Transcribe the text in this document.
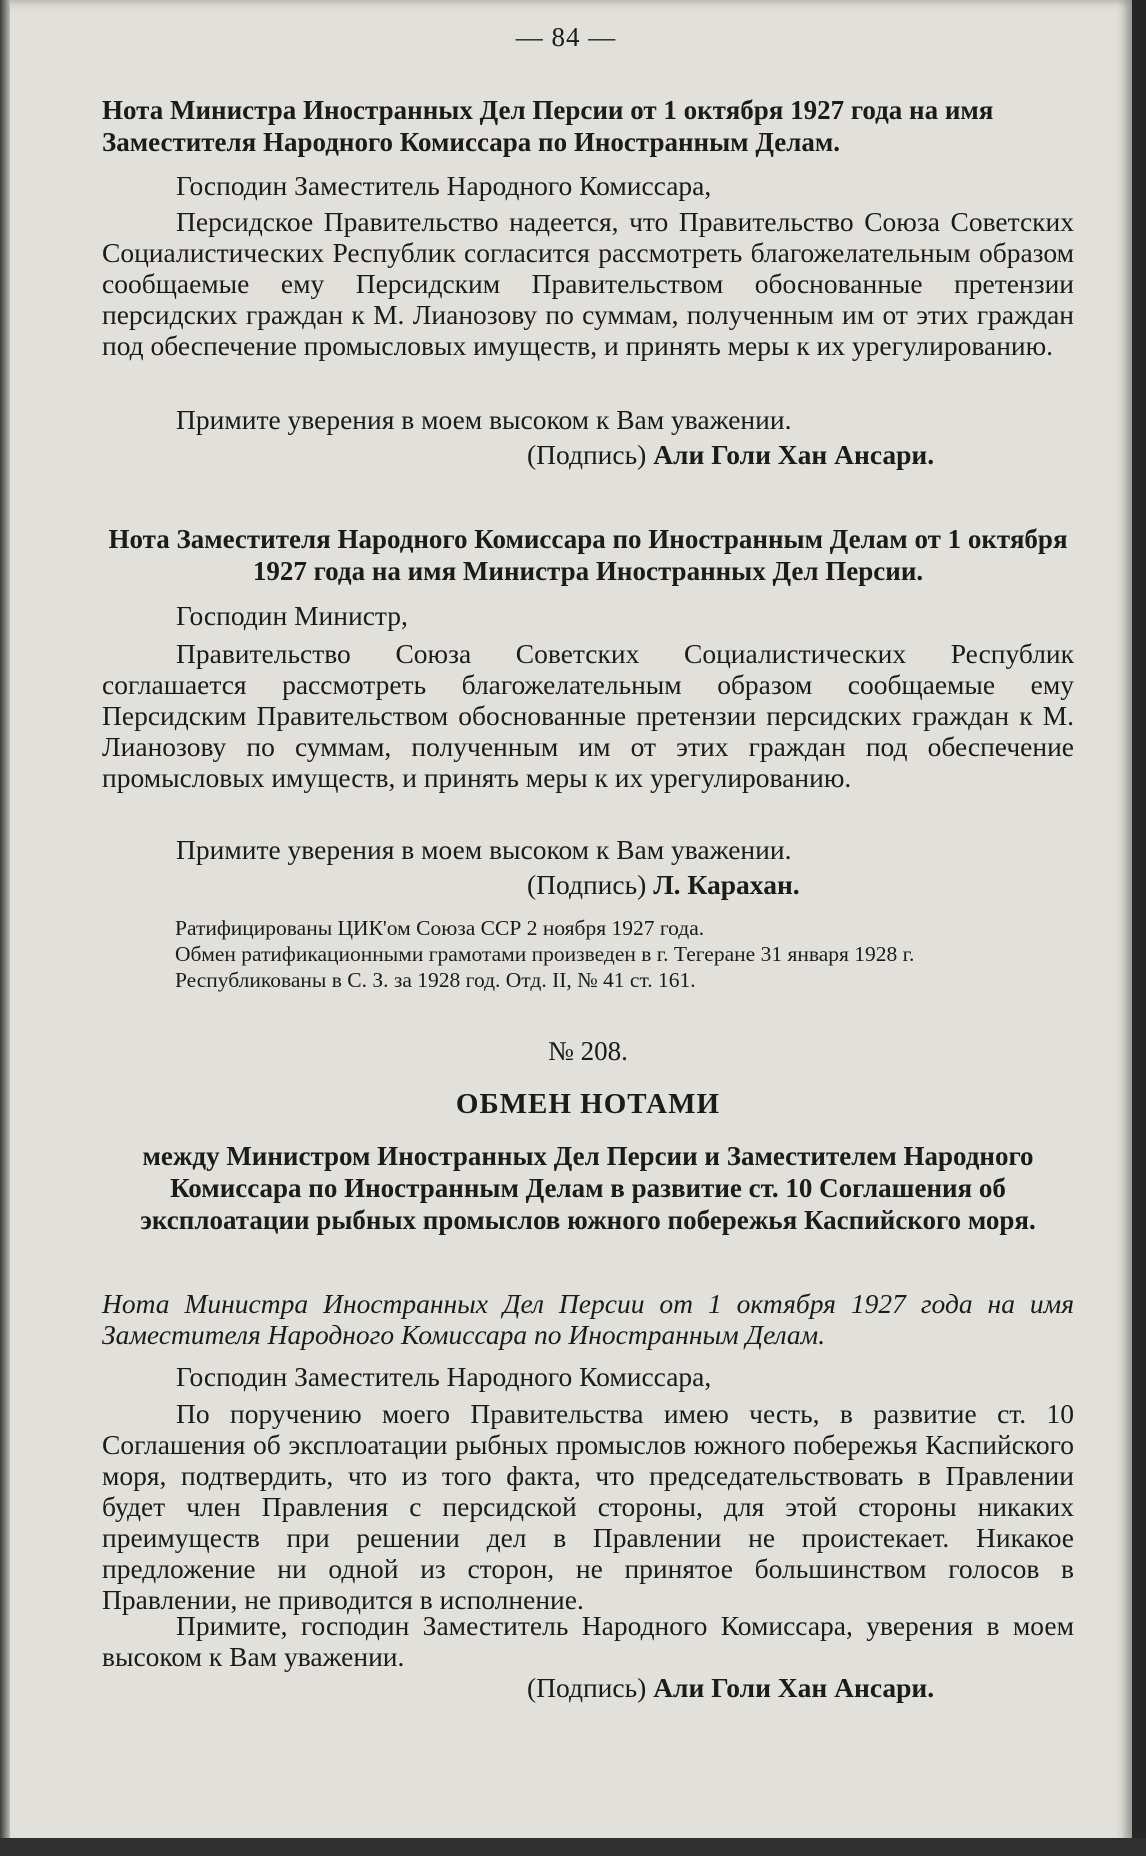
— 84 —

Нота Министра Иностранных Дел Персии от 1 октября 1927 года на имя Заместителя Народного Комиссара по Иностранным Делам.

Господин Заместитель Народного Комиссара,

Персидское Правительство надеется, что Правительство Союза Советских Социалистических Республик согласится рассмотреть благожелательным образом сообщаемые ему Персидским Правительством обоснованные претензии персидских граждан к М. Лианозову по суммам, полученным им от этих граждан под обеспечение промысловых имуществ, и принять меры к их урегулированию.

Примите уверения в моем высоком к Вам уважении.

(Подпись) Али Голи Хан Ансари.

Нота Заместителя Народного Комиссара по Иностранным Делам от 1 октября 1927 года на имя Министра Иностранных Дел Персии.

Господин Министр,

Правительство Союза Советских Социалистических Республик соглашается рассмотреть благожелательным образом сообщаемые ему Персидским Правительством обоснованные претензии персидских граждан к М. Лианозову по суммам, полученным им от этих граждан под обеспечение промысловых имуществ, и принять меры к их урегулированию.

Примите уверения в моем высоком к Вам уважении.

(Подпись) Л. Карахан.

Ратифицированы ЦИК'ом Союза ССР 2 ноября 1927 года.

Обмен ратификационными грамотами произведен в г. Тегеране 31 января 1928 г.

Республикованы в С. З. за 1928 год. Отд. II, № 41 ст. 161.

№ 208.

ОБМЕН НОТАМИ

между Министром Иностранных Дел Персии и Заместителем Народного Комиссара по Иностранным Делам в развитие ст. 10 Соглашения об эксплоатации рыбных промыслов южного побережья Каспийского моря.

Нота Министра Иностранных Дел Персии от 1 октября 1927 года на имя Заместителя Народного Комиссара по Иностранным Делам.

Господин Заместитель Народного Комиссара,

По поручению моего Правительства имею честь, в развитие ст. 10 Соглашения об эксплоатации рыбных промыслов южного побережья Каспийского моря, подтвердить, что из того факта, что председательствовать в Правлении будет член Правления с персидской стороны, для этой стороны никаких преимуществ при решении дел в Правлении не проистекает. Никакое предложение ни одной из сторон, не принятое большинством голосов в Правлении, не приводится в исполнение.

Примите, господин Заместитель Народного Комиссара, уверения в моем высоком к Вам уважении.

(Подпись) Али Голи Хан Ансари.
